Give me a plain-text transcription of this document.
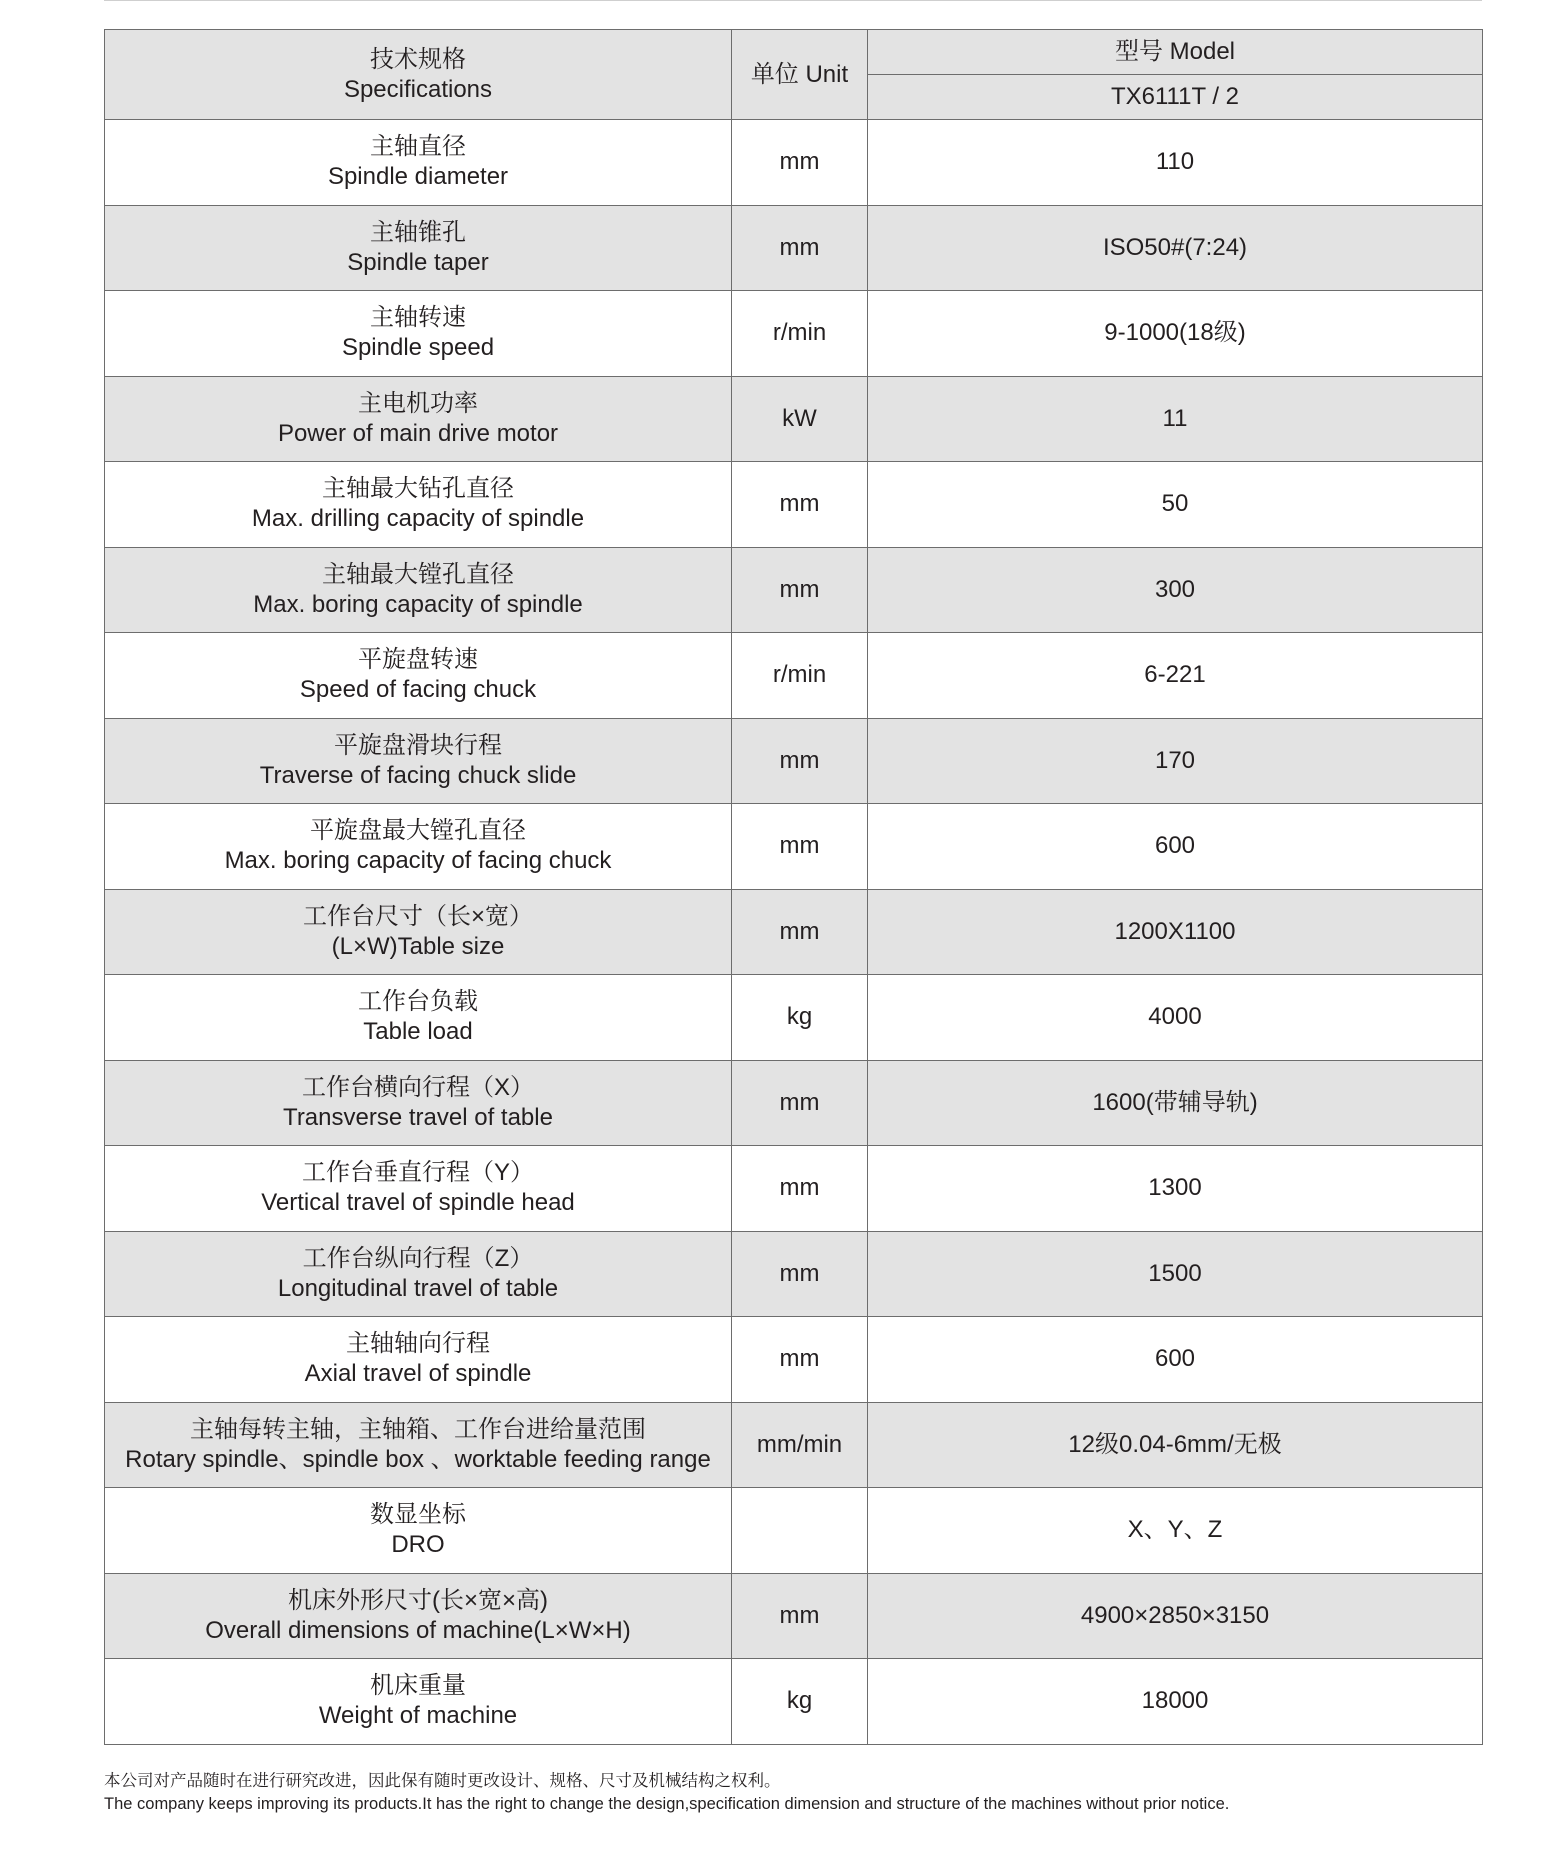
技术规格
Specifications	单位 Unit	型号 Model
		TX6111T / 2

主轴直径
Spindle diameter	mm	110

主轴锥孔
Spindle taper	mm	ISO50#(7:24)

主轴转速
Spindle speed	r/min	9-1000(18级)

主电机功率
Power of main drive motor	kW	11

主轴最大钻孔直径
Max. drilling capacity of spindle	mm	50

主轴最大镗孔直径
Max. boring capacity of spindle	mm	300

平旋盘转速
Speed of facing chuck	r/min	6-221

平旋盘滑块行程
Traverse of facing chuck slide	mm	170

平旋盘最大镗孔直径
Max. boring capacity of facing chuck	mm	600

工作台尺寸（长×宽）
(L×W)Table size	mm	1200X1100

工作台负载
Table load	kg	4000

工作台横向行程（X）
Transverse travel of table	mm	1600(带辅导轨)

工作台垂直行程（Y）
Vertical travel of spindle head	mm	1300

工作台纵向行程（Z）
Longitudinal travel of table	mm	1500

主轴轴向行程
Axial travel of spindle	mm	600

主轴每转主轴，主轴箱、工作台进给量范围
Rotary spindle、spindle box 、worktable feeding range	mm/min	12级0.04-6mm/无极

数显坐标
DRO		X、Y、Z

机床外形尺寸(长×宽×高)
Overall dimensions of machine(L×W×H)	mm	4900×2850×3150

机床重量
Weight of machine	kg	18000
本公司对产品随时在进行研究改进，因此保有随时更改设计、规格、尺寸及机械结构之权利。
The company keeps improving its products.It has the right to change the design,specification dimension and structure of the machines without prior notice.
